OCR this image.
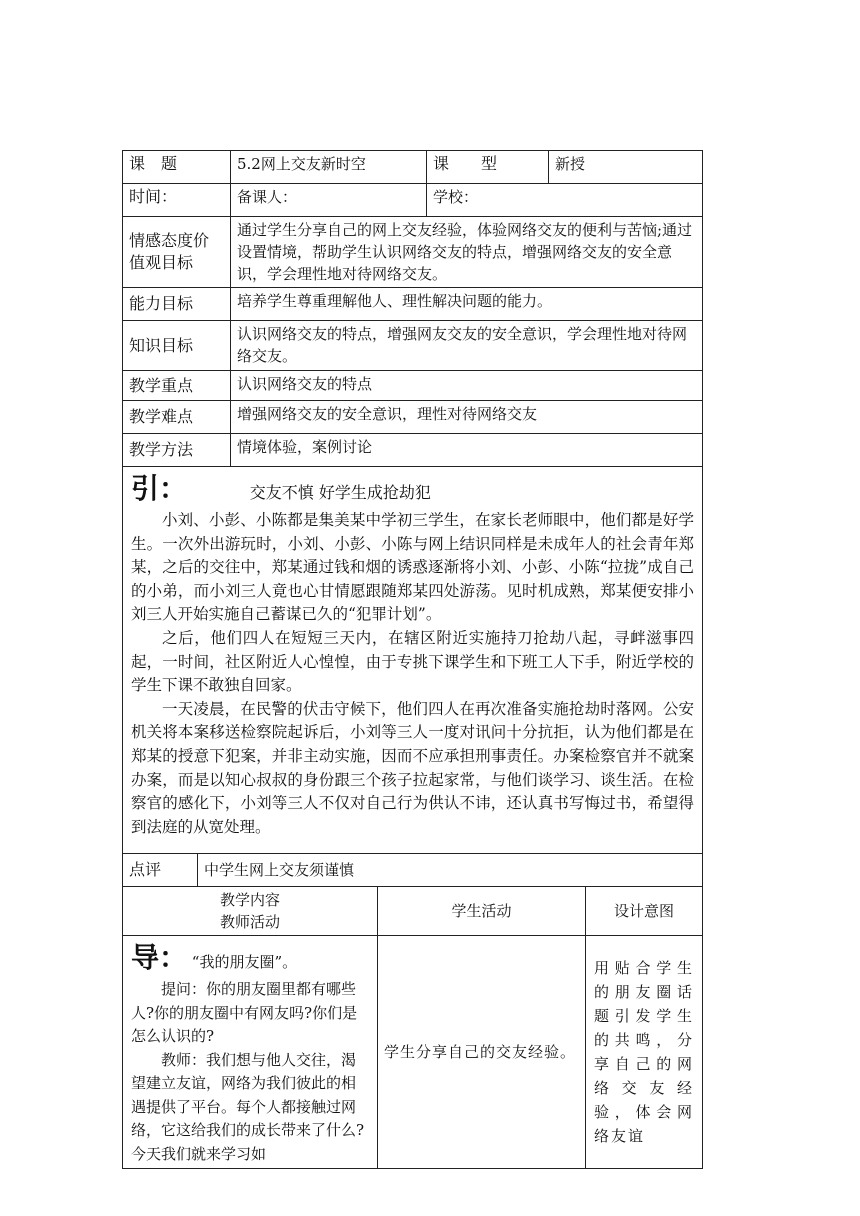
课　题	5.2网上交友新时空	课　　型	新授
时间：	备课人：	学校：	
情感态度价值观目标	通过学生分享自己的网上交友经验，体验网络交友的便利与苦恼;通过设置情境，帮助学生认识网络交友的特点，增强网络交友的安全意识，学会理性地对待网络交友。		
能力目标	培养学生尊重理解他人、理性解决问题的能力。		
知识目标	认识网络交友的特点，增强网友交友的安全意识，学会理性地对待网络交友。		
教学重点	认识网络交友的特点		
教学难点	增强网络交友的安全意识，理性对待网络交友		
教学方法	情境体验，案例讨论		

引： 交友不慎 好学生成抢劫犯

小刘、小彭、小陈都是集美某中学初三学生，在家长老师眼中，他们都是好学生。一次外出游玩时，小刘、小彭、小陈与网上结识同样是未成年人的社会青年郑某，之后的交往中，郑某通过钱和烟的诱惑逐渐将小刘、小彭、小陈“拉拢”成自己的小弟，而小刘三人竟也心甘情愿跟随郑某四处游荡。见时机成熟，郑某便安排小刘三人开始实施自己蓄谋已久的“犯罪计划”。

之后，他们四人在短短三天内，在辖区附近实施持刀抢劫八起，寻衅滋事四起，一时间，社区附近人心惶惶，由于专挑下课学生和下班工人下手，附近学校的学生下课不敢独自回家。

一天凌晨，在民警的伏击守候下，他们四人在再次准备实施抢劫时落网。公安机关将本案移送检察院起诉后，小刘等三人一度对讯问十分抗拒，认为他们都是在郑某的授意下犯案，并非主动实施，因而不应承担刑事责任。办案检察官并不就案办案，而是以知心叔叔的身份跟三个孩子拉起家常，与他们谈学习、谈生活。在检察官的感化下，小刘等三人不仅对自己行为供认不讳，还认真书写悔过书，希望得到法庭的从宽处理。			

点评	中学生网上交友须谨慎
教学内容
教师活动	学生活动	设计意图

导： “我的朋友圈”。

提问：你的朋友圈里都有哪些人?你的朋友圈中有网友吗?你们是怎么认识的?

教师：我们想与他人交往，渴望建立友谊，网络为我们彼此的相遇提供了平台。每个人都接触过网络，它这给我们的成长带来了什么?今天我们就来学习如	学生分享自己的交友经验。	用贴合学生的朋友圈话题引发学生的共鸣，分享自己的网络交友经验，体会网络友谊
